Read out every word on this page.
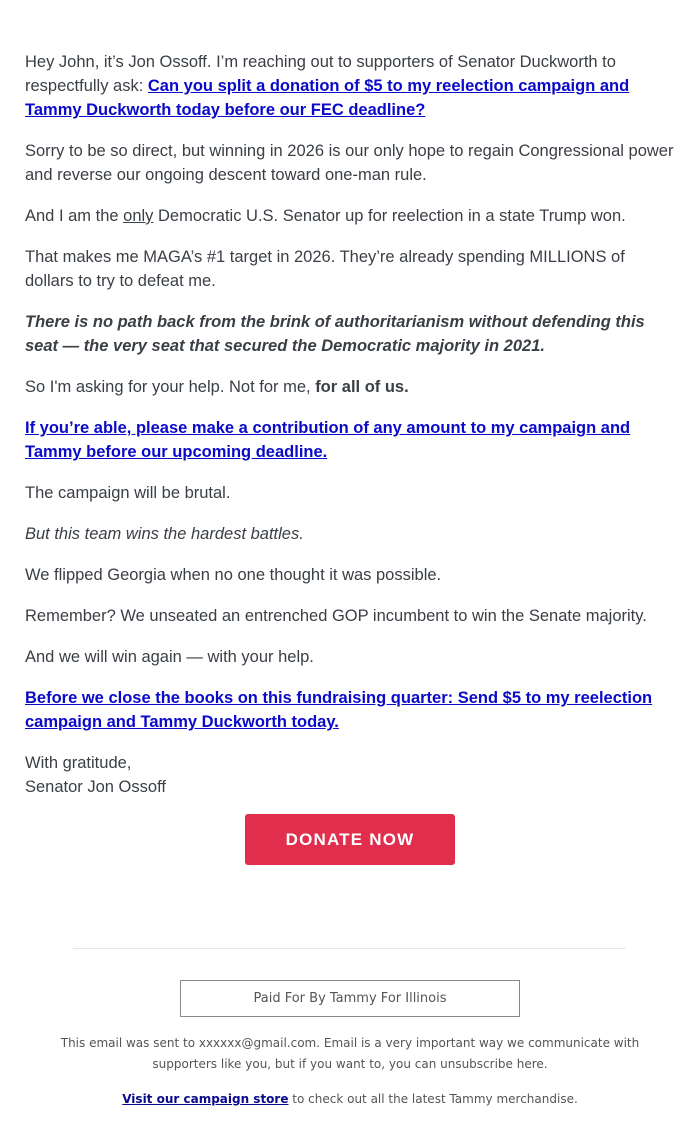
Hey John, it’s Jon Ossoff. I’m reaching out to supporters of Senator Duckworth to respectfully ask: Can you split a donation of $5 to my reelection campaign and Tammy Duckworth today before our FEC deadline?

Sorry to be so direct, but winning in 2026 is our only hope to regain Congressional power and reverse our ongoing descent toward one-man rule.

And I am the only Democratic U.S. Senator up for reelection in a state Trump won.

That makes me MAGA’s #1 target in 2026. They’re already spending MILLIONS of dollars to try to defeat me.

There is no path back from the brink of authoritarianism without defending this seat — the very seat that secured the Democratic majority in 2021.

So I'm asking for your help. Not for me, for all of us.

If you’re able, please make a contribution of any amount to my campaign and Tammy before our upcoming deadline.

The campaign will be brutal.

But this team wins the hardest battles.

We flipped Georgia when no one thought it was possible.

Remember? We unseated an entrenched GOP incumbent to win the Senate majority.

And we will win again — with your help.

Before we close the books on this fundraising quarter: Send $5 to my reelection campaign and Tammy Duckworth today.

With gratitude,
Senator Jon Ossoff

DONATE NOW
Paid For By Tammy For Illinois
This email was sent to xxxxxx@gmail.com. Email is a very important way we communicate with supporters like you, but if you want to, you can unsubscribe here.
Visit our campaign store to check out all the latest Tammy merchandise.
